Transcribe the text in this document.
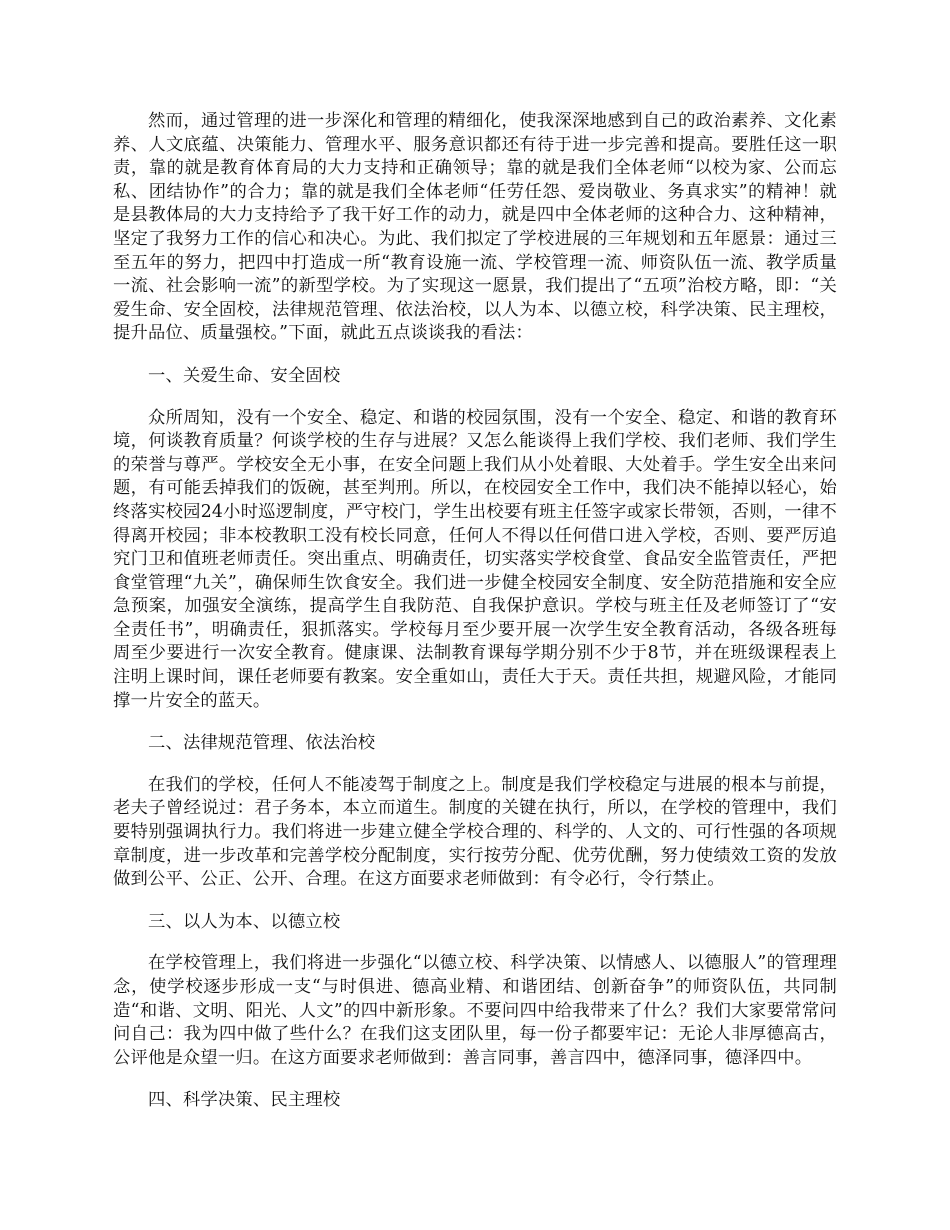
然而，通过管理的进一步深化和管理的精细化，使我深深地感到自己的政治素养、文化素养、人文底蕴、决策能力、管理水平、服务意识都还有待于进一步完善和提高。要胜任这一职责，靠的就是教育体育局的大力支持和正确领导；靠的就是我们全体老师“以校为家、公而忘私、团结协作”的合力；靠的就是我们全体老师“任劳任怨、爱岗敬业、务真求实”的精神！就是县教体局的大力支持给予了我干好工作的动力，就是四中全体老师的这种合力、这种精神，坚定了我努力工作的信心和决心。为此、我们拟定了学校进展的三年规划和五年愿景：通过三至五年的努力，把四中打造成一所“教育设施一流、学校管理一流、师资队伍一流、教学质量一流、社会影响一流”的新型学校。为了实现这一愿景，我们提出了“五项”治校方略，即：“关爱生命、安全固校，法律规范管理、依法治校，以人为本、以德立校，科学决策、民主理校，提升品位、质量强校。”下面，就此五点谈谈我的看法：

一、关爱生命、安全固校

众所周知，没有一个安全、稳定、和谐的校园氛围，没有一个安全、稳定、和谐的教育环境，何谈教育质量？何谈学校的生存与进展？又怎么能谈得上我们学校、我们老师、我们学生的荣誉与尊严。学校安全无小事，在安全问题上我们从小处着眼、大处着手。学生安全出来问题，有可能丢掉我们的饭碗，甚至判刑。所以，在校园安全工作中，我们决不能掉以轻心，始终落实校园24小时巡逻制度，严守校门，学生出校要有班主任签字或家长带领，否则，一律不得离开校园；非本校教职工没有校长同意，任何人不得以任何借口进入学校，否则、要严厉追究门卫和值班老师责任。突出重点、明确责任，切实落实学校食堂、食品安全监管责任，严把食堂管理“九关”，确保师生饮食安全。我们进一步健全校园安全制度、安全防范措施和安全应急预案，加强安全演练，提高学生自我防范、自我保护意识。学校与班主任及老师签订了“安全责任书”，明确责任，狠抓落实。学校每月至少要开展一次学生安全教育活动，各级各班每周至少要进行一次安全教育。健康课、法制教育课每学期分别不少于8节，并在班级课程表上注明上课时间，课任老师要有教案。安全重如山，责任大于天。责任共担，规避风险，才能同撑一片安全的蓝天。

二、法律规范管理、依法治校

在我们的学校，任何人不能凌驾于制度之上。制度是我们学校稳定与进展的根本与前提，老夫子曾经说过：君子务本，本立而道生。制度的关键在执行，所以，在学校的管理中，我们要特别强调执行力。我们将进一步建立健全学校合理的、科学的、人文的、可行性强的各项规章制度，进一步改革和完善学校分配制度，实行按劳分配、优劳优酬，努力使绩效工资的发放做到公平、公正、公开、合理。在这方面要求老师做到：有令必行，令行禁止。

三、以人为本、以德立校

在学校管理上，我们将进一步强化“以德立校、科学决策、以情感人、以德服人”的管理理念，使学校逐步形成一支“与时俱进、德高业精、和谐团结、创新奋争”的师资队伍，共同制造“和谐、文明、阳光、人文”的四中新形象。不要问四中给我带来了什么？我们大家要常常问问自己：我为四中做了些什么？在我们这支团队里，每一份子都要牢记：无论人非厚德高古，公评他是众望一归。在这方面要求老师做到：善言同事，善言四中，德泽同事，德泽四中。

四、科学决策、民主理校
